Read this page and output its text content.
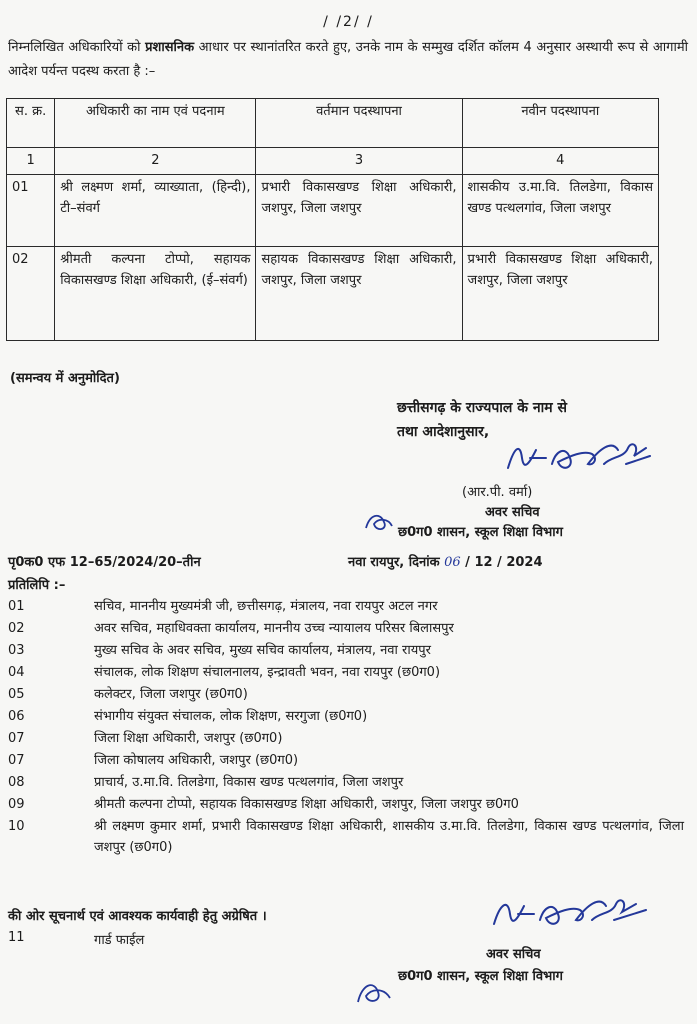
/ /2/ /
निम्नलिखित अधिकारियों को प्रशासनिक आधार पर स्थानांतरित करते हुए, उनके नाम के सम्मुख दर्शित कॉलम 4 अनुसार अस्थायी रूप से आगामी आदेश पर्यन्त पदस्थ करता है :–
स. क्र.	अधिकारी का नाम एवं पदनाम	वर्तमान पदस्थापना	नवीन पदस्थापना
1	2	3	4
01	श्री लक्ष्मण शर्मा, व्याख्याता, (हिन्दी), टी–संवर्ग	प्रभारी विकासखण्ड शिक्षा अधिकारी, जशपुर, जिला जशपुर	शासकीय उ.मा.वि. तिलडेगा, विकास खण्ड पत्थलगांव, जिला जशपुर
02	श्रीमती कल्पना टोप्पो, सहायक विकासखण्ड शिक्षा अधिकारी, (ई–संवर्ग)	सहायक विकासखण्ड शिक्षा अधिकारी, जशपुर, जिला जशपुर	प्रभारी विकासखण्ड शिक्षा अधिकारी, जशपुर, जिला जशपुर
(समन्वय में अनुमोदित)
छत्तीसगढ़ के राज्यपाल के नाम से
तथा आदेशानुसार,
(आर.पी. वर्मा)
अवर सचिव
छ0ग0 शासन, स्कूल शिक्षा विभाग
पृ0क0 एफ 12–65/2024/20–तीन	नवा रायपुर, दिनांक 06 / 12 / 2024
प्रतिलिपि :–
01	सचिव, माननीय मुख्यमंत्री जी, छत्तीसगढ़, मंत्रालय, नवा रायपुर अटल नगर
02	अवर सचिव, महाधिवक्ता कार्यालय, माननीय उच्च न्यायालय परिसर बिलासपुर
03	मुख्य सचिव के अवर सचिव, मुख्य सचिव कार्यालय, मंत्रालय, नवा रायपुर
04	संचालक, लोक शिक्षण संचालनालय, इन्द्रावती भवन, नवा रायपुर (छ0ग0)
05	कलेक्टर, जिला जशपुर (छ0ग0)
06	संभागीय संयुक्त संचालक, लोक शिक्षण, सरगुजा (छ0ग0)
07	जिला शिक्षा अधिकारी, जशपुर (छ0ग0)
07	जिला कोषालय अधिकारी, जशपुर (छ0ग0)
08	प्राचार्य, उ.मा.वि. तिलडेगा, विकास खण्ड पत्थलगांव, जिला जशपुर
09	श्रीमती कल्पना टोप्पो, सहायक विकासखण्ड शिक्षा अधिकारी, जशपुर, जिला जशपुर छ0ग0
10	श्री लक्ष्मण कुमार शर्मा, प्रभारी विकासखण्ड शिक्षा अधिकारी, शासकीय उ.मा.वि. तिलडेगा, विकास खण्ड पत्थलगांव, जिला जशपुर (छ0ग0)
की ओर सूचनार्थ एवं आवश्यक कार्यवाही हेतु अग्रेषित ।
11	गार्ड फाईल
अवर सचिव
छ0ग0 शासन, स्कूल शिक्षा विभाग
